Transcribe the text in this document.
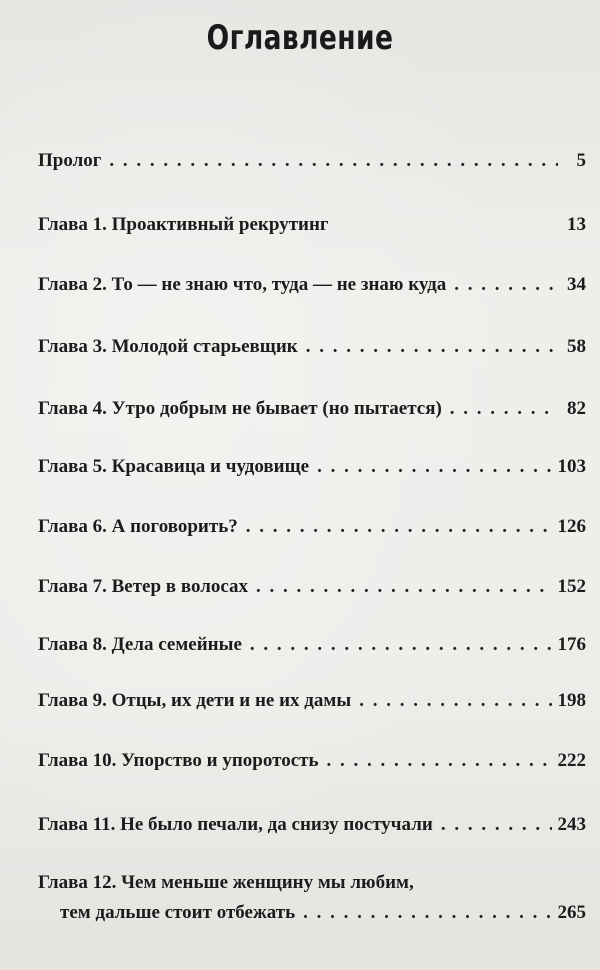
Оглавление
Пролог . . .	5
Глава 1. Проактивный рекрутинг	13
Глава 2. То — не знаю что, туда — не знаю куда . . .	34
Глава 3. Молодой старьевщик . . .	58
Глава 4. Утро добрым не бывает (но пытается) . . .	82
Глава 5. Красавица и чудовище . . .	103
Глава 6. А поговорить? . . .	126
Глава 7. Ветер в волосах . . .	152
Глава 8. Дела семейные . . .	176
Глава 9. Отцы, их дети и не их дамы . . .	198
Глава 10. Упорство и упоротость . . .	222
Глава 11. Не было печали, да снизу постучали . . .	243
Глава 12. Чем меньше женщину мы любим,
тем дальше стоит отбежать . . .	265
